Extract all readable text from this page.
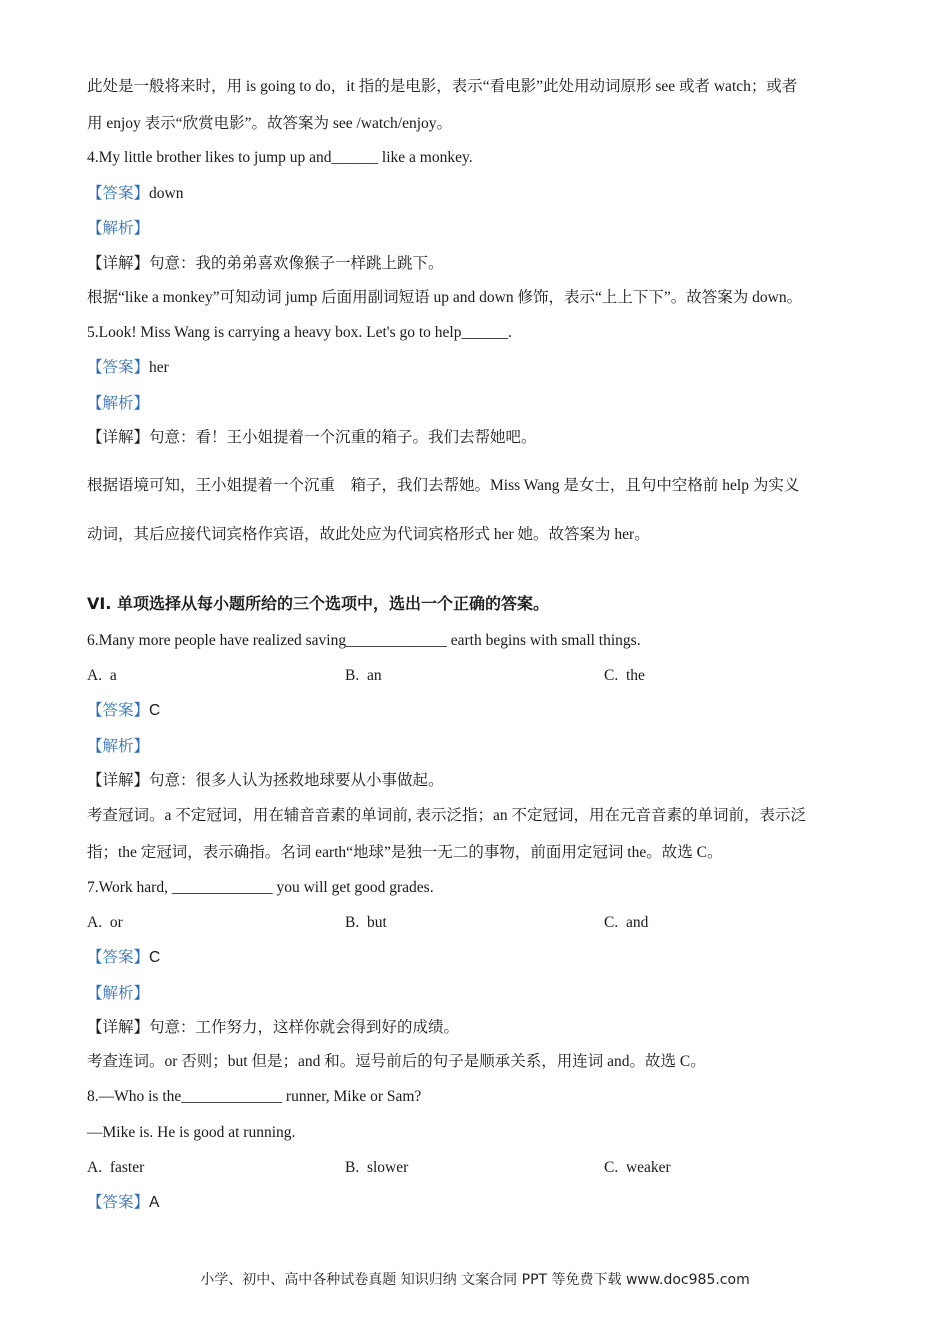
此处是一般将来时，用 is going to do，it 指的是电影，表示“看电影”此处用动词原形 see 或者 watch；或者
用 enjoy 表示“欣赏电影”。故答案为 see /watch/enjoy。
4.My little brother likes to jump up and______ like a monkey.
【答案】down
【解析】
【详解】句意：我的弟弟喜欢像猴子一样跳上跳下。
根据“like a monkey”可知动词 jump 后面用副词短语 up and down 修饰，表示“上上下下”。故答案为 down。
5.Look! Miss Wang is carrying a heavy box. Let's go to help______.
【答案】her
【解析】
【详解】句意：看！王小姐提着一个沉重的箱子。我们去帮她吧。
根据语境可知，王小姐提着一个沉重　箱子，我们去帮她。Miss Wang 是女士，且句中空格前 help 为实义
动词，其后应接代词宾格作宾语，故此处应为代词宾格形式 her 她。故答案为 her。
VI. 单项选择从每小题所给的三个选项中，选出一个正确的答案。
6.Many more people have realized saving_____________ earth begins with small things.
A. a	B. an	C. the
【答案】C
【解析】
【详解】句意：很多人认为拯救地球要从小事做起。
考查冠词。a 不定冠词，用在辅音音素的单词前, 表示泛指；an 不定冠词，用在元音音素的单词前，表示泛
指；the 定冠词，表示确指。名词 earth“地球”是独一无二的事物，前面用定冠词 the。故选 C。
7.Work hard, _____________ you will get good grades.
A. or	B. but	C. and
【答案】C
【解析】
【详解】句意：工作努力，这样你就会得到好的成绩。
考查连词。or 否则；but 但是；and 和。逗号前后的句子是顺承关系，用连词 and。故选 C。
8.—Who is the_____________ runner, Mike or Sam?
—Mike is. He is good at running.
A. faster	B. slower	C. weaker
【答案】A
小学、初中、高中各种试卷真题 知识归纳 文案合同 PPT 等免费下载 www.doc985.com
